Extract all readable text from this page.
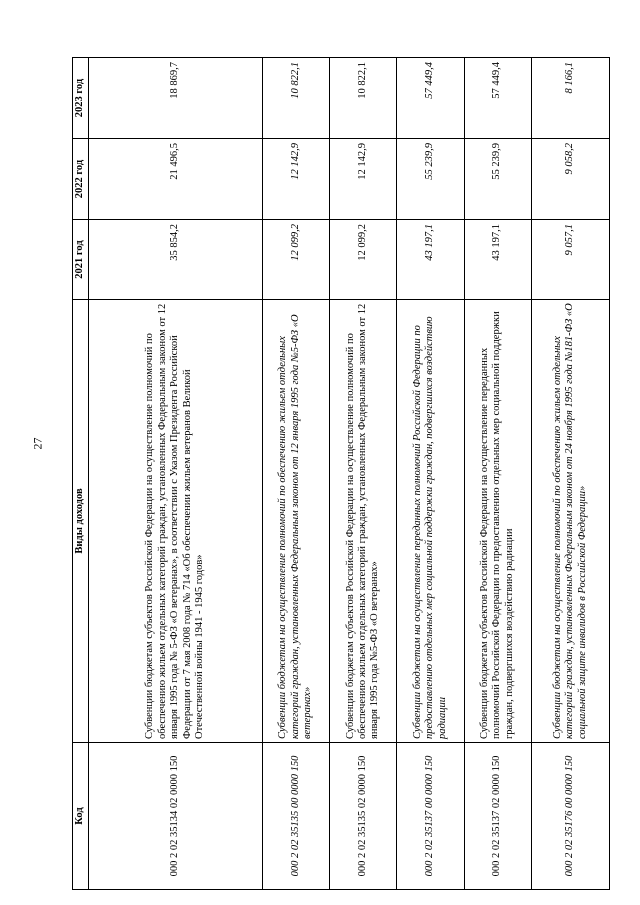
27
Код	Виды доходов	2021 год	2022 год	2023 год
000 2 02 35134 02 0000 150	Субвенции бюджетам субъектов Российской Федерации на осуществление полномочий по обеспечению жильем отдельных категорий граждан, установленных Федеральным законом от 12 января 1995 года № 5-ФЗ «О ветеранах», в соответствии с Указом Президента Российской Федерации от 7 мая 2008 года № 714 «Об обеспечении жильем ветеранов Великой Отечественной войны 1941 - 1945 годов»	35 854,2	21 496,5	18 869,7
000 2 02 35135 00 0000 150	Субвенции бюджетам на осуществление полномочий по обеспечению жильем отдельных категорий граждан, установленных Федеральным законом от 12 января 1995 года №5-ФЗ «О ветеранах»	12 099,2	12 142,9	10 822,1
000 2 02 35135 02 0000 150	Субвенции бюджетам субъектов Российской Федерации на осуществление полномочий по обеспечению жильем отдельных категорий граждан, установленных Федеральным законом от 12 января 1995 года №5-ФЗ «О ветеранах»	12 099,2	12 142,9	10 822,1
000 2 02 35137 00 0000 150	Субвенции бюджетам на осуществление переданных полномочий Российской Федерации по предоставлению отдельных мер социальной поддержки граждан, подвергшихся воздействию радиации	43 197,1	55 239,9	57 449,4
000 2 02 35137 02 0000 150	Субвенции бюджетам субъектов Российской Федерации на осуществление переданных полномочий Российской Федерации по предоставлению отдельных мер социальной поддержки граждан, подвергшихся воздействию радиации	43 197,1	55 239,9	57 449,4
000 2 02 35176 00 0000 150	Субвенции бюджетам на осуществление полномочий по обеспечению жильем отдельных категорий граждан, установленных Федеральным законом от 24 ноября 1995 года №181-ФЗ «О социальной защите инвалидов в Российской Федерации»	9 057,1	9 058,2	8 166,1
